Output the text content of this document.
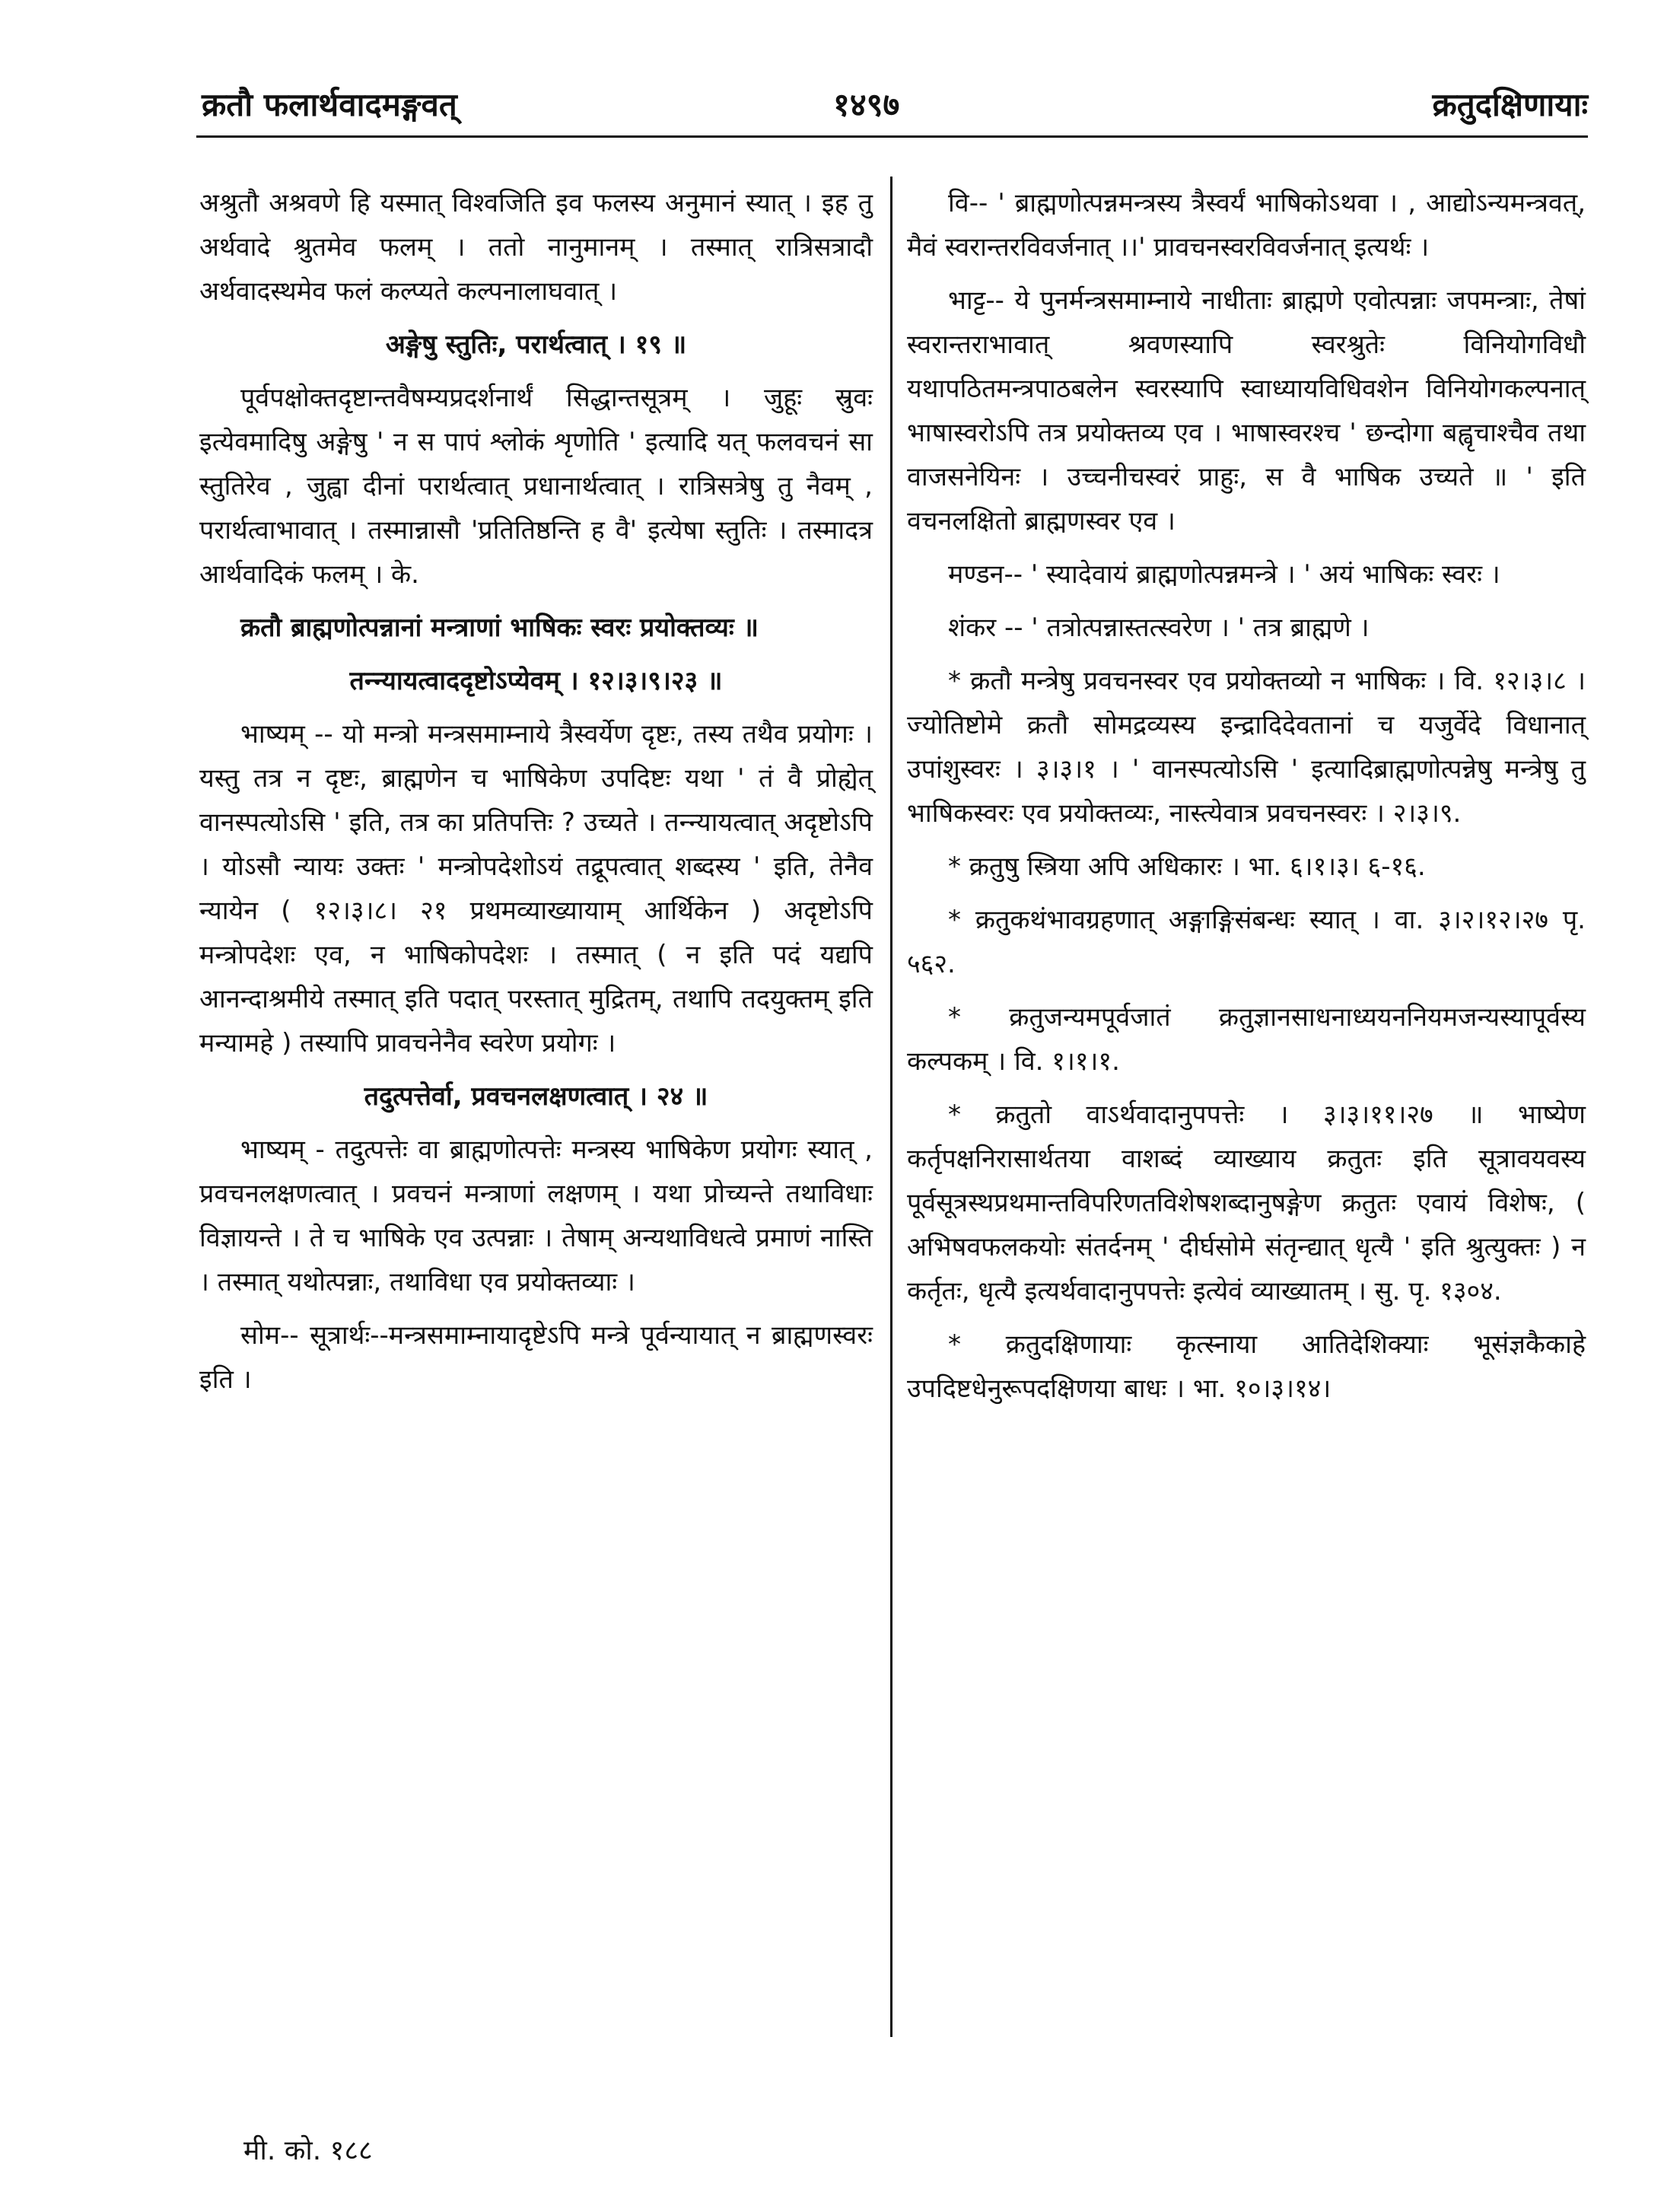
क्रतौ फलार्थवादमङ्गवत्	१४९७	क्रतुदक्षिणायाः

अश्रुतौ अश्रवणे हि यस्मात् विश्वजिति इव फलस्य अनुमानं स्यात् । इह तु अर्थवादे श्रुतमेव फलम् । ततो नानुमानम् । तस्मात् रात्रिसत्रादौ अर्थवादस्थमेव फलं कल्प्यते कल्पनालाघवात् ।

अङ्गेषु स्तुतिः, परार्थत्वात् । १९ ॥

पूर्वपक्षोक्तदृष्टान्तवैषम्यप्रदर्शनार्थं सिद्धान्तसूत्रम् । जुहूः स्रुवः इत्येवमादिषु अङ्गेषु ' न स पापं श्लोकं शृणोति ' इत्यादि यत् फलवचनं सा स्तुतिरेव , जुह्वा दीनां परार्थत्वात् प्रधानार्थत्वात् । रात्रिसत्रेषु तु नैवम् , परार्थत्वाभावात् । तस्मान्नासौ 'प्रतितिष्ठन्ति ह वै' इत्येषा स्तुतिः । तस्मादत्र आर्थवादिकं फलम् । के.

क्रतौ ब्राह्मणोत्पन्नानां मन्त्राणां भाषिकः स्वरः प्रयोक्तव्यः ॥

तन्न्यायत्वाददृष्टोऽप्येवम् । १२।३।९।२३ ॥

भाष्यम् -- यो मन्त्रो मन्त्रसमाम्नाये त्रैस्वर्येण दृष्टः, तस्य तथैव प्रयोगः । यस्तु तत्र न दृष्टः, ब्राह्मणेन च भाषिकेण उपदिष्टः यथा ' तं वै प्रोह्येत् वानस्पत्योऽसि ' इति, तत्र का प्रतिपत्तिः ? उच्यते । तन्न्यायत्वात् अदृष्टोऽपि । योऽसौ न्यायः उक्तः ' मन्त्रोपदेशोऽयं तद्रूपत्वात् शब्दस्य ' इति, तेनैव न्यायेन ( १२।३।८। २१ प्रथमव्याख्यायाम् आर्थिकेन ) अदृष्टोऽपि मन्त्रोपदेशः एव, न भाषिकोपदेशः । तस्मात् ( न इति पदं यद्यपि आनन्दाश्रमीये तस्मात् इति पदात् परस्तात् मुद्रितम्, तथापि तदयुक्तम् इति मन्यामहे ) तस्यापि प्रावचनेनैव स्वरेण प्रयोगः ।

तदुत्पत्तेर्वा, प्रवचनलक्षणत्वात् । २४ ॥

भाष्यम् - तदुत्पत्तेः वा ब्राह्मणोत्पत्तेः मन्त्रस्य भाषिकेण प्रयोगः स्यात् , प्रवचनलक्षणत्वात् । प्रवचनं मन्त्राणां लक्षणम् । यथा प्रोच्यन्ते तथाविधाः विज्ञायन्ते । ते च भाषिके एव उत्पन्नाः । तेषाम् अन्यथाविधत्वे प्रमाणं नास्ति । तस्मात् यथोत्पन्नाः, तथाविधा एव प्रयोक्तव्याः ।

सोम-- सूत्रार्थः--मन्त्रसमाम्नायादृष्टेऽपि मन्त्रे पूर्वन्यायात् न ब्राह्मणस्वरः इति ।

वि-- ' ब्राह्मणोत्पन्नमन्त्रस्य त्रैस्वर्यं भाषिकोऽथवा । , आद्योऽन्यमन्त्रवत्, मैवं स्वरान्तरविवर्जनात् ।।' प्रावचनस्वरविवर्जनात् इत्यर्थः ।

भाट्ट-- ये पुनर्मन्त्रसमाम्नाये नाधीताः ब्राह्मणे एवोत्पन्नाः जपमन्त्राः, तेषां स्वरान्तराभावात् श्रवणस्यापि स्वरश्रुतेः विनियोगविधौ यथापठितमन्त्रपाठबलेन स्वरस्यापि स्वाध्यायविधिवशेन विनियोगकल्पनात् भाषास्वरोऽपि तत्र प्रयोक्तव्य एव । भाषास्वरश्च ' छन्दोगा बह्वृचाश्चैव तथा वाजसनेयिनः । उच्चनीचस्वरं प्राहुः, स वै भाषिक उच्यते ॥ ' इति वचनलक्षितो ब्राह्मणस्वर एव ।

मण्डन-- ' स्यादेवायं ब्राह्मणोत्पन्नमन्त्रे । ' अयं भाषिकः स्वरः ।

शंकर -- ' तत्रोत्पन्नास्तत्स्वरेण । ' तत्र ब्राह्मणे ।

* क्रतौ मन्त्रेषु प्रवचनस्वर एव प्रयोक्तव्यो न भाषिकः । वि. १२।३।८ । ज्योतिष्टोमे क्रतौ सोमद्रव्यस्य इन्द्रादिदेवतानां च यजुर्वेदे विधानात् उपांशुस्वरः । ३।३।१ । ' वानस्पत्योऽसि ' इत्यादिब्राह्मणोत्पन्नेषु मन्त्रेषु तु भाषिकस्वरः एव प्रयोक्तव्यः, नास्त्येवात्र प्रवचनस्वरः । २।३।९.

* क्रतुषु स्त्रिया अपि अधिकारः । भा. ६।१।३। ६-१६.

* क्रतुकथंभावग्रहणात् अङ्गाङ्गिसंबन्धः स्यात् । वा. ३।२।१२।२७ पृ. ५६२.

* क्रतुजन्यमपूर्वजातं क्रतुज्ञानसाधनाध्ययननियमजन्यस्यापूर्वस्य कल्पकम् । वि. १।१।१.

* क्रतुतो वाऽर्थवादानुपपत्तेः । ३।३।११।२७ ॥ भाष्येण कर्तृपक्षनिरासार्थतया वाशब्दं व्याख्याय क्रतुतः इति सूत्रावयवस्य पूर्वसूत्रस्थप्रथमान्तविपरिणतविशेषशब्दानुषङ्गेण क्रतुतः एवायं विशेषः, ( अभिषवफलकयोः संतर्दनम् ' दीर्घसोमे संतृन्द्यात् धृत्यै ' इति श्रुत्युक्तः ) न कर्तृतः, धृत्यै इत्यर्थवादानुपपत्तेः इत्येवं व्याख्यातम् । सु. पृ. १३०४.

* क्रतुदक्षिणायाः कृत्स्नाया आतिदेशिक्याः भूसंज्ञकैकाहे उपदिष्टधेनुरूपदक्षिणया बाधः । भा. १०।३।१४।

मी. को. १८८
